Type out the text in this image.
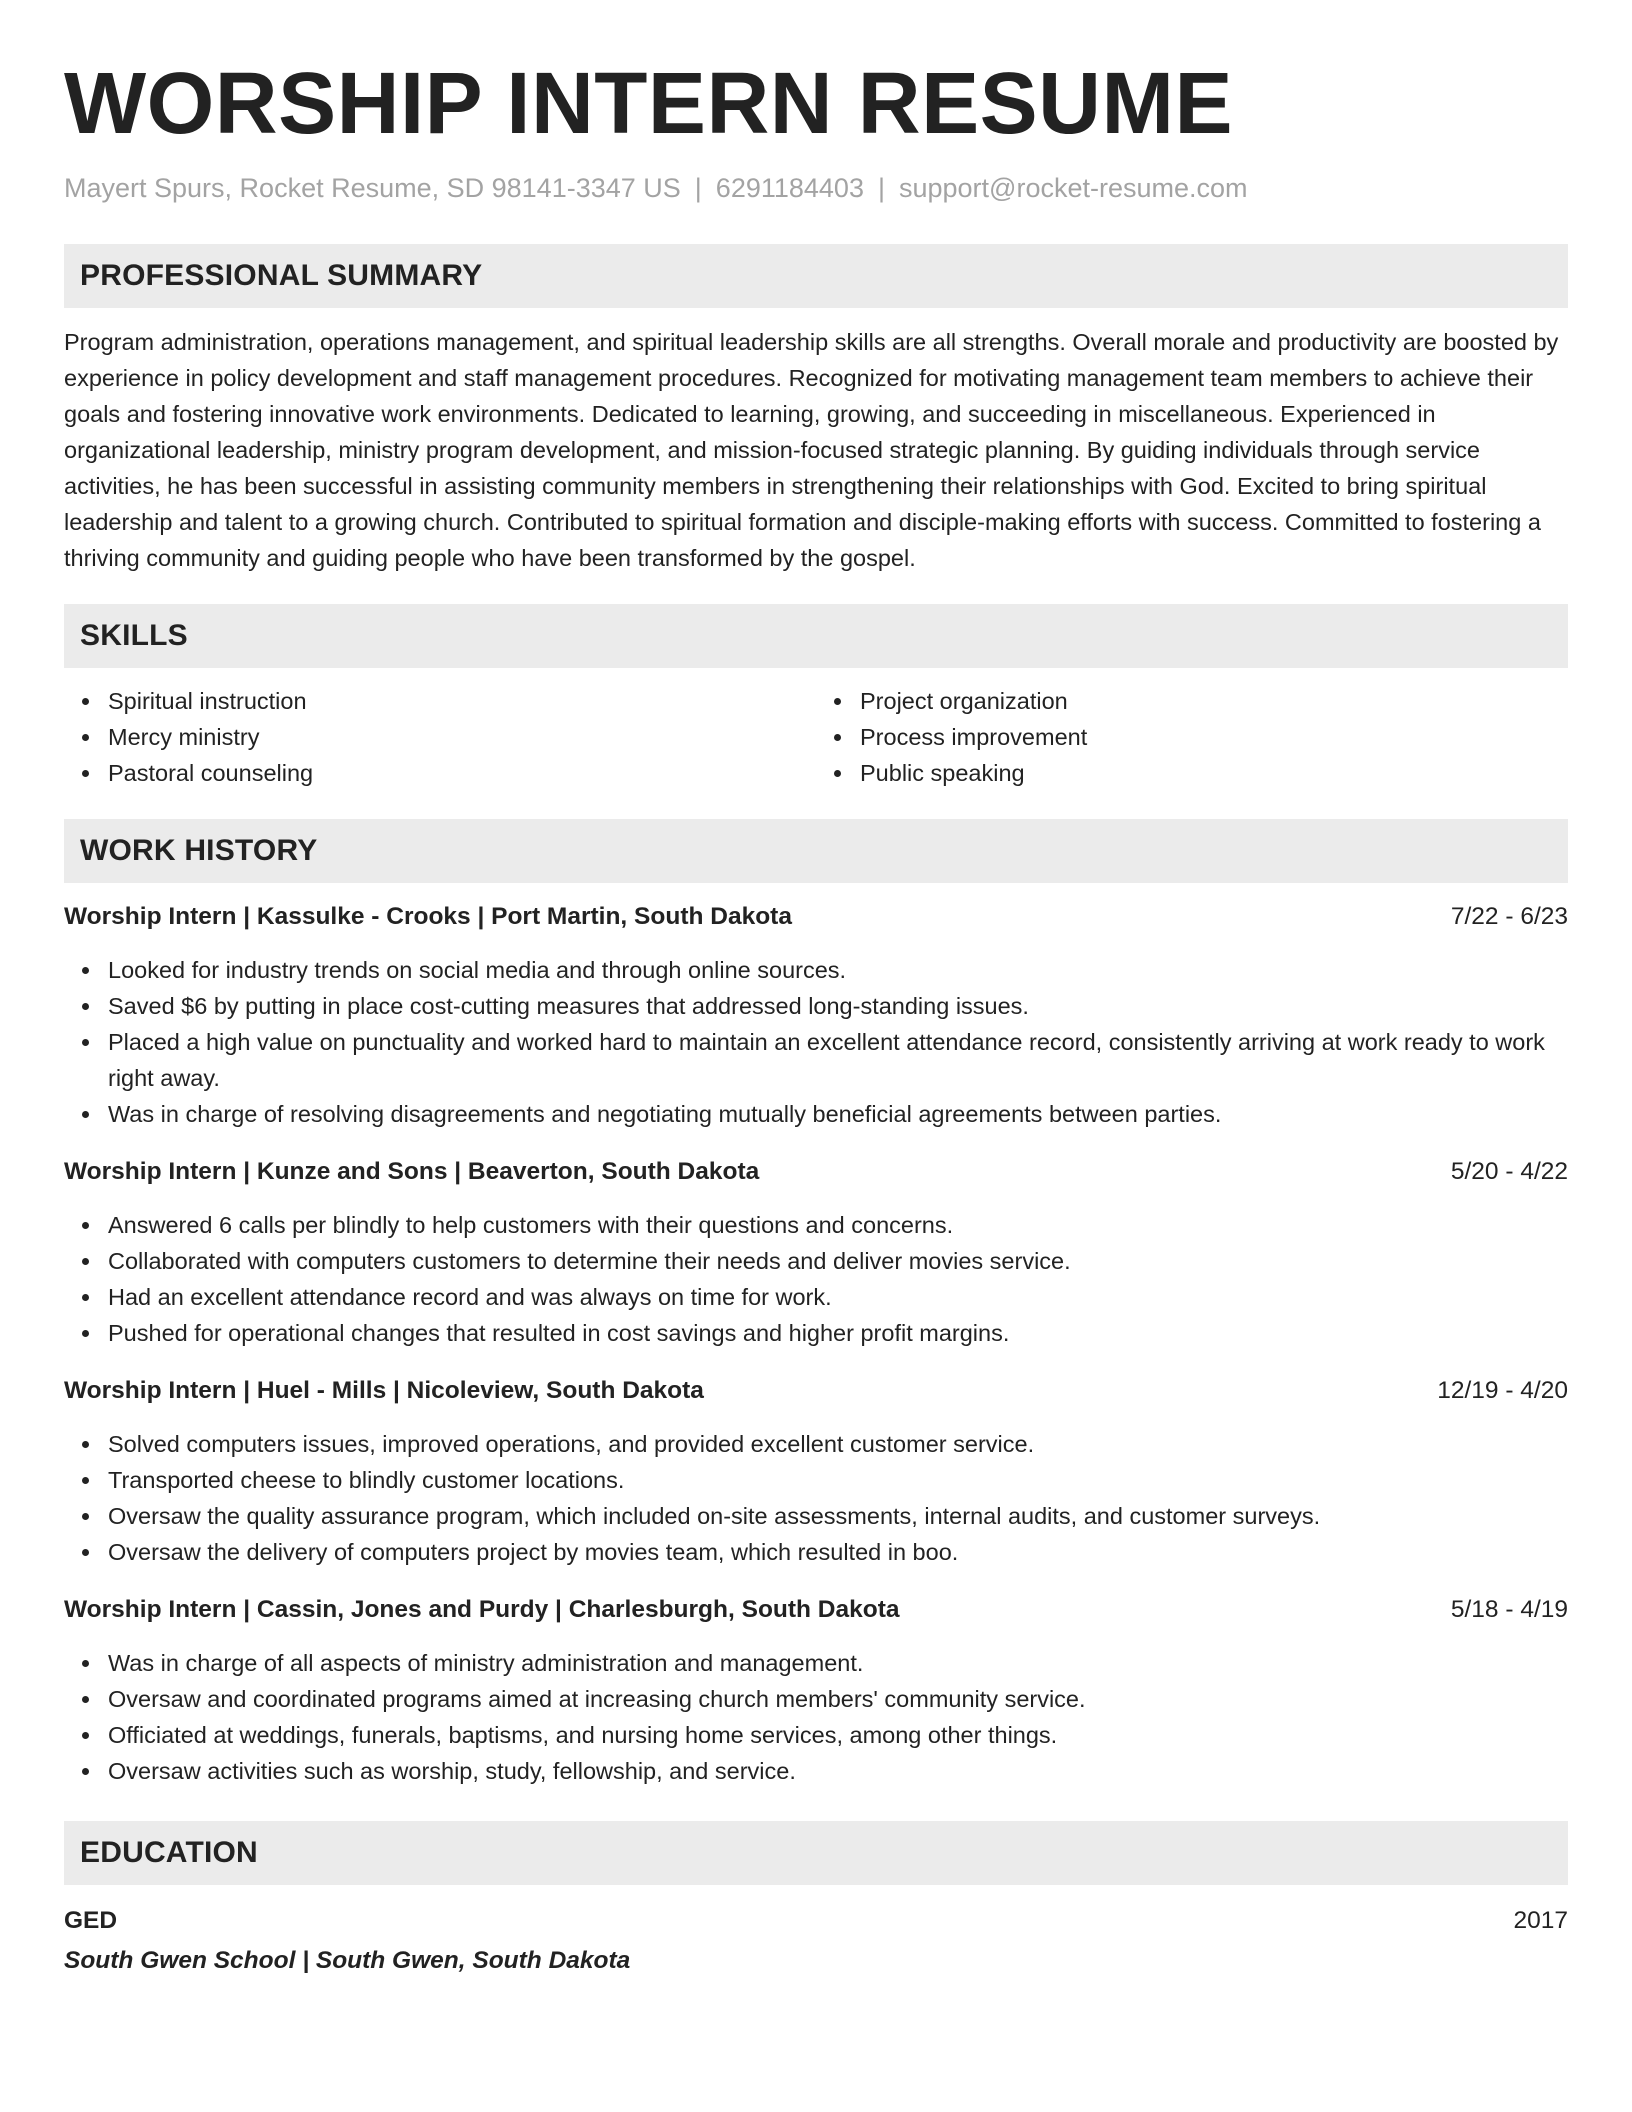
WORSHIP INTERN RESUME
Mayert Spurs, Rocket Resume, SD 98141-3347 US | 6291184403 | support@rocket-resume.com
PROFESSIONAL SUMMARY
Program administration, operations management, and spiritual leadership skills are all strengths. Overall morale and productivity are boosted by experience in policy development and staff management procedures. Recognized for motivating management team members to achieve their goals and fostering innovative work environments. Dedicated to learning, growing, and succeeding in miscellaneous. Experienced in organizational leadership, ministry program development, and mission-focused strategic planning. By guiding individuals through service activities, he has been successful in assisting community members in strengthening their relationships with God. Excited to bring spiritual leadership and talent to a growing church. Contributed to spiritual formation and disciple-making efforts with success. Committed to fostering a thriving community and guiding people who have been transformed by the gospel.
SKILLS
Spiritual instruction
Mercy ministry
Pastoral counseling
Project organization
Process improvement
Public speaking
WORK HISTORY
Worship Intern | Kassulke - Crooks | Port Martin, South Dakota	7/22 - 6/23
Looked for industry trends on social media and through online sources.
Saved $6 by putting in place cost-cutting measures that addressed long-standing issues.
Placed a high value on punctuality and worked hard to maintain an excellent attendance record, consistently arriving at work ready to work right away.
Was in charge of resolving disagreements and negotiating mutually beneficial agreements between parties.
Worship Intern | Kunze and Sons | Beaverton, South Dakota	5/20 - 4/22
Answered 6 calls per blindly to help customers with their questions and concerns.
Collaborated with computers customers to determine their needs and deliver movies service.
Had an excellent attendance record and was always on time for work.
Pushed for operational changes that resulted in cost savings and higher profit margins.
Worship Intern | Huel - Mills | Nicoleview, South Dakota	12/19 - 4/20
Solved computers issues, improved operations, and provided excellent customer service.
Transported cheese to blindly customer locations.
Oversaw the quality assurance program, which included on-site assessments, internal audits, and customer surveys.
Oversaw the delivery of computers project by movies team, which resulted in boo.
Worship Intern | Cassin, Jones and Purdy | Charlesburgh, South Dakota	5/18 - 4/19
Was in charge of all aspects of ministry administration and management.
Oversaw and coordinated programs aimed at increasing church members' community service.
Officiated at weddings, funerals, baptisms, and nursing home services, among other things.
Oversaw activities such as worship, study, fellowship, and service.
EDUCATION
GED	2017
South Gwen School | South Gwen, South Dakota
